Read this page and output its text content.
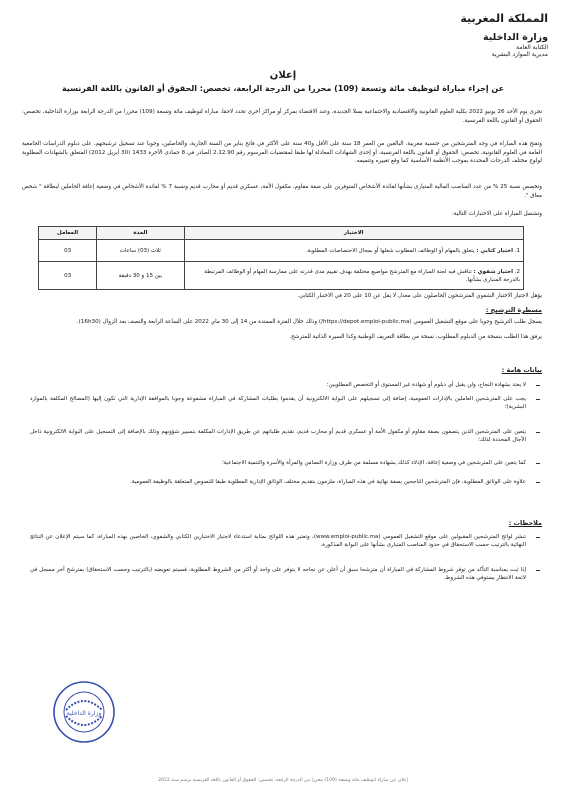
المملكة المغربية
وزارة الداخلية
الكتابة العامة
مديرية الموارد البشرية
إعلان
عن إجراء مباراة لتوظيف مائة وتسعة (109) محررا من الدرجة الرابعة، تخصص: الحقوق أو القانون باللغة الفرنسية
تجرى يوم الأحد 26 يونيو 2022 بكلية العلوم القانونية والاقتصادية والاجتماعية بسلا الجديدة، وعند الاقتضاء بمركز أو مراكز أخرى تحدد لاحقا، مباراة لتوظيف مائة وتسعة (109) محررا من الدرجة الرابعة بوزارة الداخلية، تخصص: الحقوق أو القانون باللغة الفرنسية.
وتفتح هذه المباراة في وجه المترشحين من جنسية مغربية، البالغين من العمر 18 سنة على الأقل و40 سنة على الأكثر في فاتح يناير من السنة الجارية، والحاصلين، وجوبا عند تسجيل ترشيحهم، على دبلوم الدراسات الجامعية العامة في العلوم القانونية، تخصص: الحقوق أو القانون باللغة الفرنسية، أو إحدى الشهادات المعادلة لها طبقا لمقتضيات المرسوم رقم 2.12.90 الصادر في 8 جمادى الآخرة 1433 (30 أبريل 2012) المتعلق بالشهادات المطلوبة لولوج مختلف الدرجات المحددة بموجب الأنظمة الأساسية كما وقع تغييره وتتميمه.
وتخصص نسبة 25 % من عدد المناصب المالية المتبارى بشأنها لفائدة الأشخاص المتوفرين على صفة مقاوم، مكفول الأمة، عسكري قديم أو محارب قديم ونسبة 7 % لفائدة الأشخاص في وضعية إعاقة الحاملين لبطاقة " شخص معاق ".
وتشتمل المباراة على الاختبارات التالية:
الاختبار	المدة	المعامل
1. اختبار كتابي : يتعلق بالمهام أو الوظائف المطلوب شغلها أو بمجال الاختصاصات المطلوبة.	ثلاث (03) ساعات	03
2. اختبار شفوي : تناقش فيه لجنة المباراة مع المترشح مواضيع مختلفة بهدف تقييم مدى قدرته على ممارسة المهام أو الوظائف المرتبطة بالدرجة المتبارى بشأنها.	بين 15 و 30 دقيقة	03
يؤهل لاجتياز الاختبار الشفوي المترشحون الحاصلون على معدل لا يقل عن 10 على 20 في الاختبار الكتابي.
مسطرة الترشيح :
يسجل طلب الترشيح وجوبا على موقع التشغيل العمومي (https://depot.emploi-public.ma/) وذلك خلال الفترة الممتدة من 14 إلى 30 ماي 2022 على الساعة الرابعة والنصف بعد الزوال (16h30).
يرفق هذا الطلب بنسخة من الدبلوم المطلوب، نسخة من بطاقة التعريف الوطنية وكذا السيرة الذاتية للمترشح.
بيانات هامة :
لا يعتد بشهادة النجاح، ولن يقبل أي دبلوم أو شهادة غير المستوى أو التخصص المطلوبين؛
يجب على المترشحين العاملين بالإدارات العمومية، إضافة إلى تسجيلهم على البوابة الالكترونية أن يقدموا بطلبات المشاركة في المباراة مشفوعة وجوبا بالموافقة الإدارية التي تكون إليها (المصالح المكلفة بالموارد البشرية)؛
يتعين على المترشحين الذين يتصفون بصفة مقاوم أو مكفول الأمة أو عسكري قديم أو محارب قديم، تقديم طلباتهم عن طريق الإدارات المكلفة بتسيير شؤونهم وذلك بالإضافة إلى التسجيل على البوابة الالكترونية داخل الآجال المحددة لذلك؛
كما يتعين على المترشحين في وضعية إعاقة، الإدلاء كذلك بشهادة مسلمة من طرف وزارة التضامن والمرأة والأسرة والتنمية الاجتماعية؛
علاوة على الوثائق المطلوبة، فإن المترشحين الناجحين بصفة نهائية في هذه المباراة، ملزمون بتقديم مختلف الوثائق الإدارية المطلوبة طبقا للنصوص المتعلقة بالوظيفة العمومية.
ملاحظات :
تنشر لوائح المترشحين المقبولين على موقع التشغيل العمومي (www.emploi-public.ma)، وتعتبر هذه اللوائح بمثابة استدعاء لاجتياز الاختبارين الكتابي والشفوي، الخاصين بهذه المباراة، كما سيتم الإعلان عن النتائج النهائية بالترتيب حسب الاستحقاق في حدود المناصب المتبارى بشأنها على البوابة المذكورة.
إذا ثبت بمناسبة التأكد من توفر شروط المشاركة في المباراة أن مترشحا سبق أن أعلن عن نجاحه لا يتوفر على واحد أو أكثر من الشروط المطلوبة، فسيتم تعويضه (بالترتيب وحسب الاستحقاق) بمترشح آخر مسجل في لائحة الانتظار يستوفي هذه الشروط.
وزارة الداخلية
إعلان عن مباراة لتوظيف مائة وتسعة (109) محررا من الدرجة الرابعة، تخصص: الحقوق أو القانون باللغة الفرنسية برسم سنة 2022
